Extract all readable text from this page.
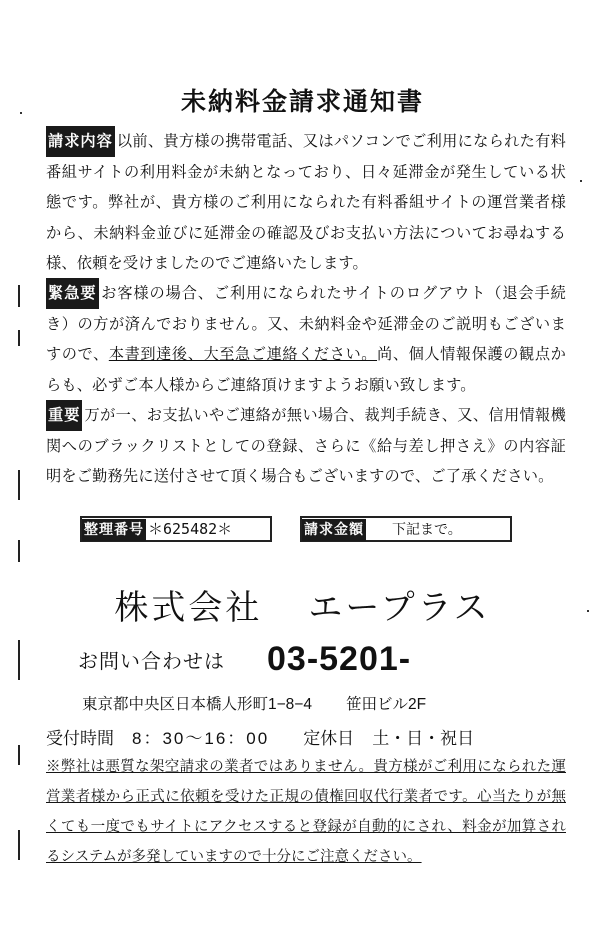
未納料金請求通知書
請求内容 以前、貴方様の携帯電話、又はパソコンでご利用になられた有料番組サイトの利用料金が未納となっており、日々延滞金が発生している状態です。弊社が、貴方様のご利用になられた有料番組サイトの運営業者様から、未納料金並びに延滞金の確認及びお支払い方法についてお尋ねする様、依頼を受けましたのでご連絡いたします。
緊急要 お客様の場合、ご利用になられたサイトのログアウト（退会手続き）の方が済んでおりません。又、未納料金や延滞金のご説明もございますので、本書到達後、大至急ご連絡ください。尚、個人情報保護の観点からも、必ずご本人様からご連絡頂けますようお願い致します。
重要 万が一、お支払いやご連絡が無い場合、裁判手続き、又、信用情報機関へのブラックリストとしての登録、さらに《給与差し押さえ》の内容証明をご勤務先に送付させて頂く場合もございますので、ご了承ください。
整理番号 ＊625482＊	請求金額 下記まで。
株式会社 エープラス
お問い合わせは 03-5201-
東京都中央区日本橋人形町1−8−4 笹田ビル2F
受付時間 8：30〜16：00 定休日 土・日・祝日
※弊社は悪質な架空請求の業者ではありません。貴方様がご利用になられた運営業者様から正式に依頼を受けた正規の債権回収代行業者です。心当たりが無くても一度でもサイトにアクセスすると登録が自動的にされ、料金が加算されるシステムが多発していますので十分にご注意ください。
